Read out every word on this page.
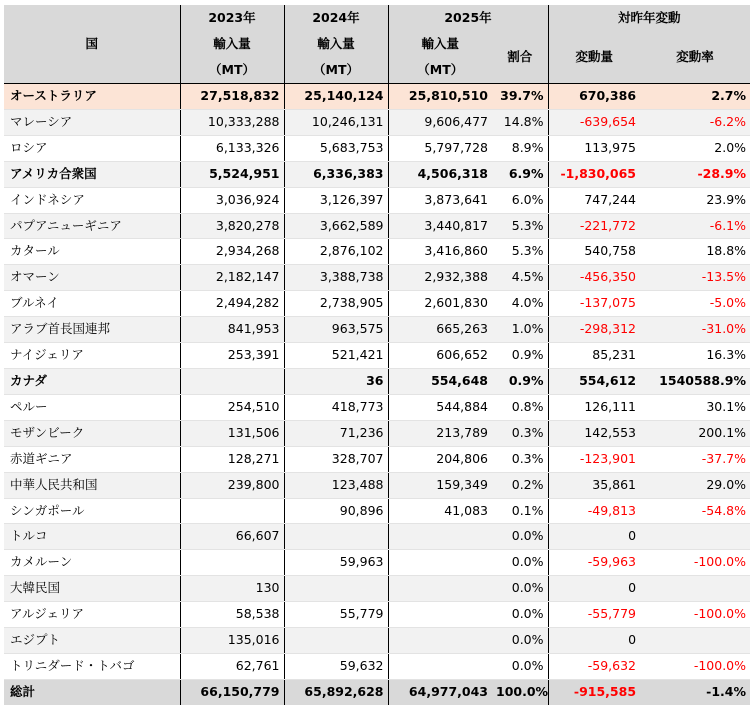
国	2023年	2024年	2025年		対昨年変動	
	輸入量	輸入量	輸入量	割合	変動量	変動率
	（MT）	（MT）	（MT）			
オーストラリア	27,518,832	25,140,124	25,810,510	39.7%	670,386	2.7%
マレーシア	10,333,288	10,246,131	9,606,477	14.8%	-639,654	-6.2%
ロシア	6,133,326	5,683,753	5,797,728	8.9%	113,975	2.0%
アメリカ合衆国	5,524,951	6,336,383	4,506,318	6.9%	-1,830,065	-28.9%
インドネシア	3,036,924	3,126,397	3,873,641	6.0%	747,244	23.9%
パプアニューギニア	3,820,278	3,662,589	3,440,817	5.3%	-221,772	-6.1%
カタール	2,934,268	2,876,102	3,416,860	5.3%	540,758	18.8%
オマーン	2,182,147	3,388,738	2,932,388	4.5%	-456,350	-13.5%
ブルネイ	2,494,282	2,738,905	2,601,830	4.0%	-137,075	-5.0%
アラブ首長国連邦	841,953	963,575	665,263	1.0%	-298,312	-31.0%
ナイジェリア	253,391	521,421	606,652	0.9%	85,231	16.3%
カナダ		36	554,648	0.9%	554,612	1540588.9%
ペルー	254,510	418,773	544,884	0.8%	126,111	30.1%
モザンビーク	131,506	71,236	213,789	0.3%	142,553	200.1%
赤道ギニア	128,271	328,707	204,806	0.3%	-123,901	-37.7%
中華人民共和国	239,800	123,488	159,349	0.2%	35,861	29.0%
シンガポール		90,896	41,083	0.1%	-49,813	-54.8%
トルコ	66,607			0.0%	0	
カメルーン		59,963		0.0%	-59,963	-100.0%
大韓民国	130			0.0%	0	
アルジェリア	58,538	55,779		0.0%	-55,779	-100.0%
エジプト	135,016			0.0%	0	
トリニダード・トバゴ	62,761	59,632		0.0%	-59,632	-100.0%
総計	66,150,779	65,892,628	64,977,043	100.0%	-915,585	-1.4%
